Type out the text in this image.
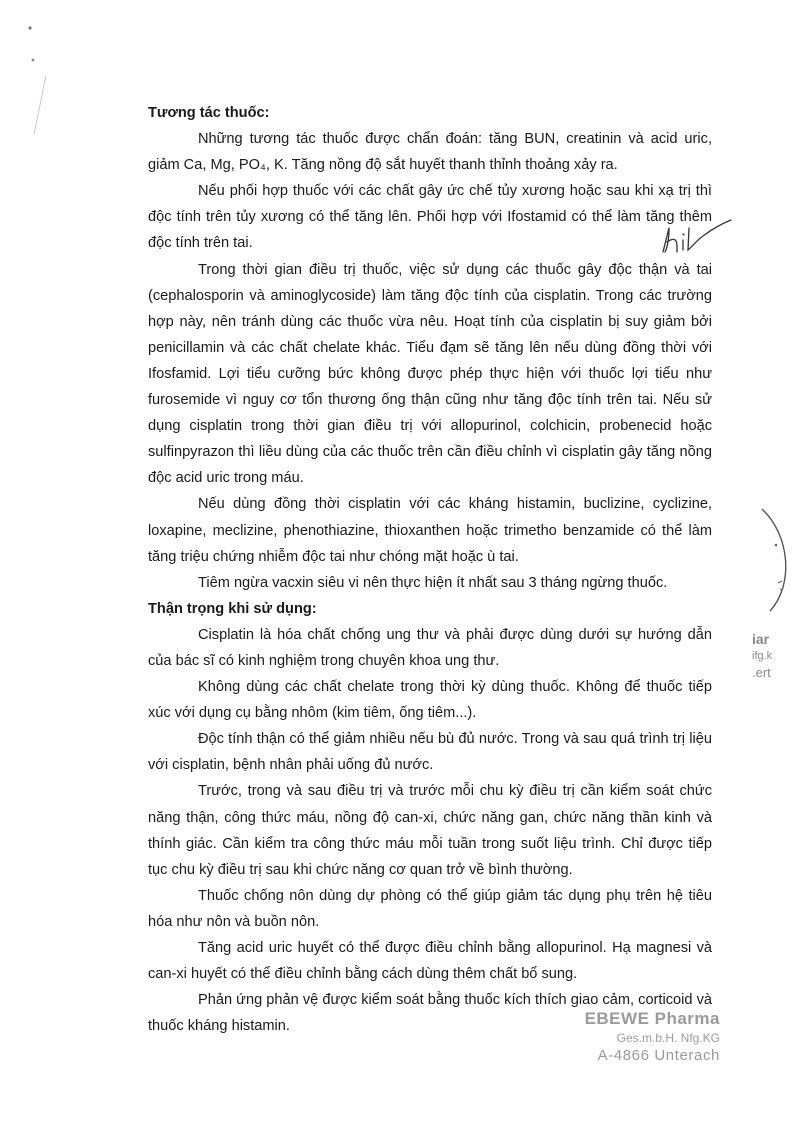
Tương tác thuốc:

Những tương tác thuốc được chẩn đoán: tăng BUN, creatinin và acid uric, giảm Ca, Mg, PO₄, K. Tăng nồng độ sắt huyết thanh thỉnh thoảng xảy ra.

Nếu phối hợp thuốc với các chất gây ức chế tủy xương hoặc sau khi xạ trị thì độc tính trên tủy xương có thể tăng lên. Phối hợp với Ifostamid có thể làm tăng thêm độc tính trên tai.

Trong thời gian điều trị thuốc, việc sử dụng các thuốc gây độc thận và tai (cephalosporin và aminoglycoside) làm tăng độc tính của cisplatin. Trong các trường hợp này, nên tránh dùng các thuốc vừa nêu. Hoạt tính của cisplatin bị suy giảm bởi penicillamin và các chất chelate khác. Tiểu đạm sẽ tăng lên nếu dùng đồng thời với Ifosfamid. Lợi tiểu cưỡng bức không được phép thực hiện với thuốc lợi tiểu như furosemide vì nguy cơ tổn thương ống thận cũng như tăng độc tính trên tai. Nếu sử dụng cisplatin trong thời gian điều trị với allopurinol, colchicin, probenecid hoặc sulfinpyrazon thì liều dùng của các thuốc trên cần điều chỉnh vì cisplatin gây tăng nồng độc acid uric trong máu.

Nếu dùng đồng thời cisplatin với các kháng histamin, buclizine, cyclizine, loxapine, meclizine, phenothiazine, thioxanthen hoặc trimetho benzamide có thể làm tăng triệu chứng nhiễm độc tai như chóng mặt hoặc ù tai.

Tiêm ngừa vacxin siêu vi nên thực hiện ít nhất sau 3 tháng ngừng thuốc.

Thận trọng khi sử dụng:

Cisplatin là hóa chất chống ung thư và phải được dùng dưới sự hướng dẫn của bác sĩ có kinh nghiệm trong chuyên khoa ung thư.

Không dùng các chất chelate trong thời kỳ dùng thuốc. Không để thuốc tiếp xúc với dụng cụ bằng nhôm (kim tiêm, ống tiêm...).

Độc tính thận có thể giảm nhiều nếu bù đủ nước. Trong và sau quá trình trị liệu với cisplatin, bệnh nhân phải uống đủ nước.

Trước, trong và sau điều trị và trước mỗi chu kỳ điều trị cần kiểm soát chức năng thận, công thức máu, nồng độ can-xi, chức năng gan, chức năng thần kinh và thính giác. Cần kiểm tra công thức máu mỗi tuần trong suốt liệu trình. Chỉ được tiếp tục chu kỳ điều trị sau khi chức năng cơ quan trở về bình thường.

Thuốc chống nôn dùng dự phòng có thể giúp giảm tác dụng phụ trên hệ tiêu hóa như nôn và buồn nôn.

Tăng acid uric huyết có thể được điều chỉnh bằng allopurinol. Hạ magnesi và can-xi huyết có thể điều chỉnh bằng cách dùng thêm chất bổ sung.

Phản ứng phản vệ được kiểm soát bằng thuốc kích thích giao cảm, corticoid và thuốc kháng histamin.

iar
ifg.k
.ert
EBEWE Pharma
Ges.m.b.H. Nfg.KG
A-4866 Unterach
